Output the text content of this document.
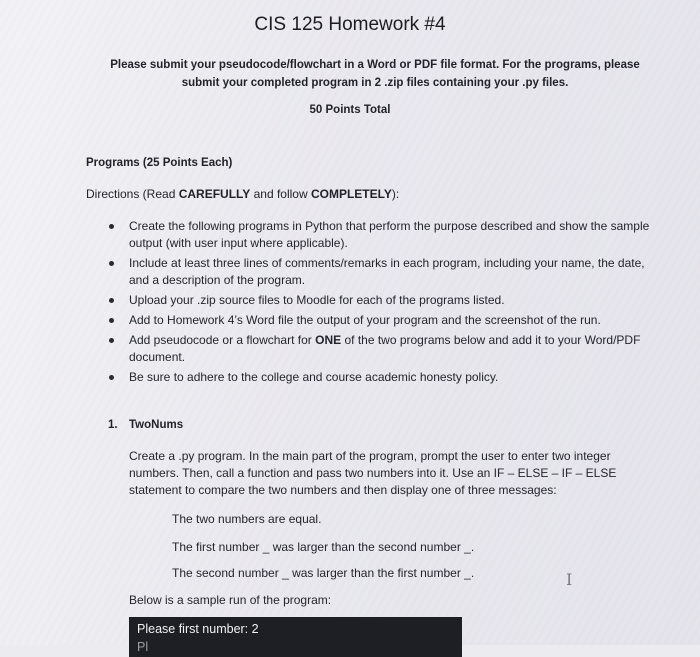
CIS 125 Homework #4
Please submit your pseudocode/flowchart in a Word or PDF file format. For the programs, please
submit your completed program in 2 .zip files containing your .py files.
50 Points Total
Programs (25 Points Each)
Directions (Read CAREFULLY and follow COMPLETELY):
Create the following programs in Python that perform the purpose described and show the sample output (with user input where applicable).
Include at least three lines of comments/remarks in each program, including your name, the date, and a description of the program.
Upload your .zip source files to Moodle for each of the programs listed.
Add to Homework 4’s Word file the output of your program and the screenshot of the run.
Add pseudocode or a flowchart for ONE of the two programs below and add it to your Word/PDF document.
Be sure to adhere to the college and course academic honesty policy.
1. TwoNums
Create a .py program. In the main part of the program, prompt the user to enter two integer numbers. Then, call a function and pass two numbers into it. Use an IF – ELSE – IF – ELSE statement to compare the two numbers and then display one of three messages:
The two numbers are equal.
The first number _ was larger than the second number _.
The second number _ was larger than the first number _.	I
Below is a sample run of the program:
Please first number: 2
Pl
